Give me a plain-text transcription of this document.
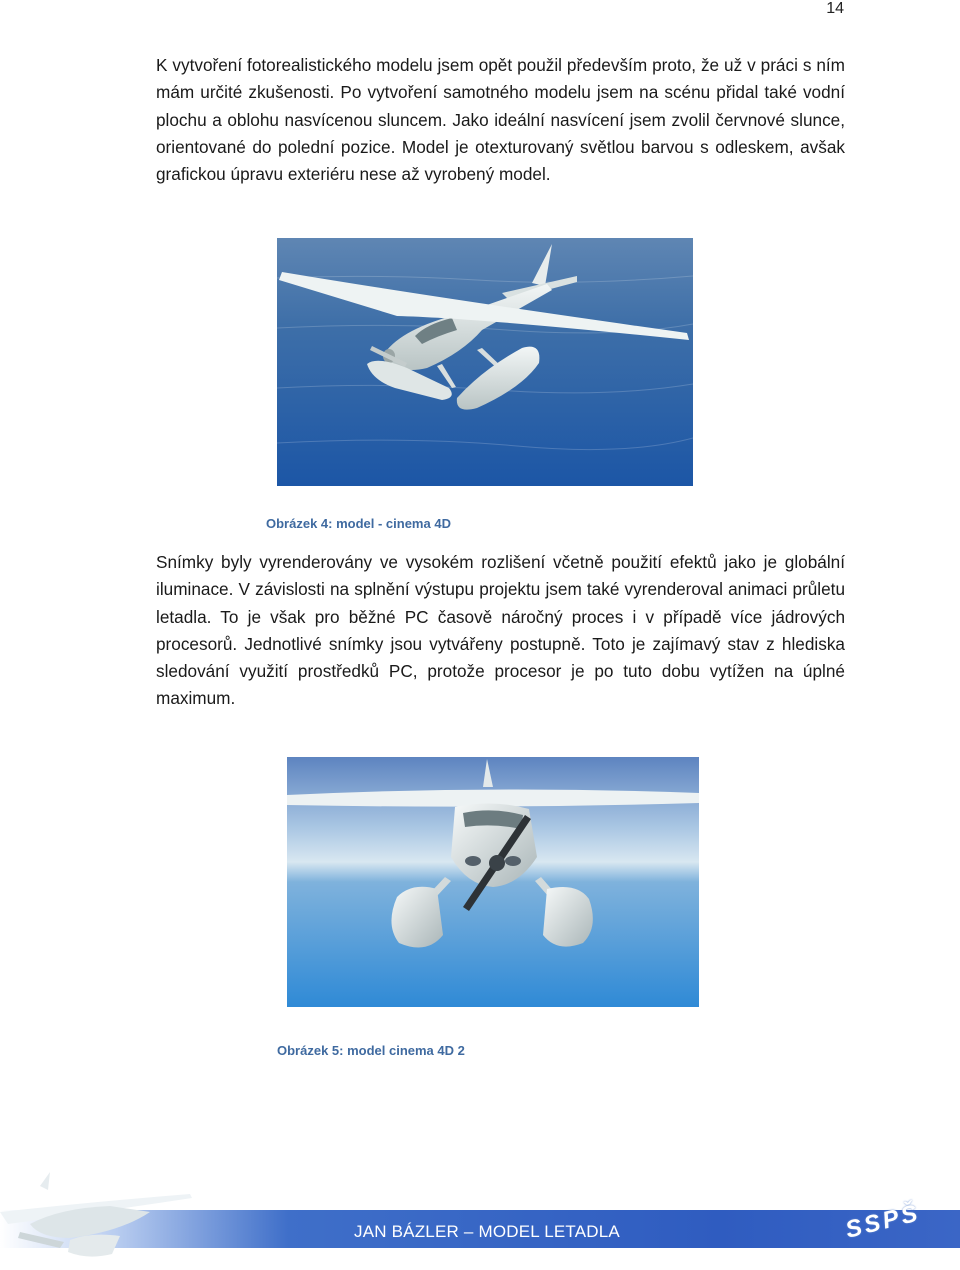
14

K vytvoření fotorealistického modelu jsem opět použil především proto, že už v práci s ním mám určité zkušenosti. Po vytvoření samotného modelu jsem na scénu přidal také vodní plochu a oblohu nasvícenou sluncem. Jako ideální nasvícení jsem zvolil červnové slunce, orientované do polední pozice. Model je otexturovaný světlou barvou s odleskem, avšak grafickou úpravu exteriéru nese až vyrobený model.

Obrázek 4: model - cinema 4D

Snímky byly vyrenderovány ve vysokém rozlišení včetně použití efektů jako je globální iluminace. V závislosti na splnění výstupu projektu jsem také vyrenderoval animaci průletu letadla. To je však pro běžné PC časově náročný proces i v případě více jádrových procesorů. Jednotlivé snímky jsou vytvářeny postupně. Toto je zajímavý stav z hlediska sledování využití prostředků PC, protože procesor je po tuto dobu vytížen na úplné maximum.

Obrázek 5: model cinema 4D 2
JAN BÁZLER – MODEL LETADLA	SSPŠ
